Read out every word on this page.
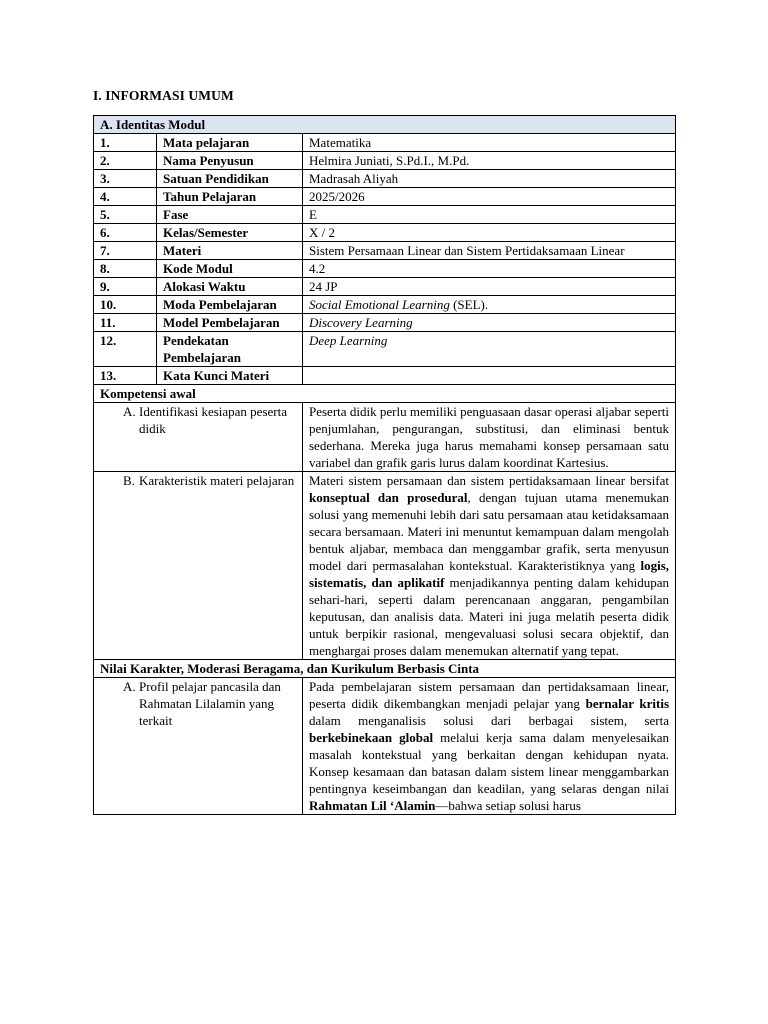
I. INFORMASI UMUM
A. Identitas Modul		
1.	Mata pelajaran	Matematika
2.	Nama Penyusun	Helmira Juniati, S.Pd.I., M.Pd.
3.	Satuan Pendidikan	Madrasah Aliyah
4.	Tahun Pelajaran	2025/2026
5.	Fase	E
6.	Kelas/Semester	X / 2
7.	Materi	Sistem Persamaan Linear dan Sistem Pertidaksamaan Linear
8.	Kode Modul	4.2
9.	Alokasi Waktu	24 JP
10.	Moda Pembelajaran	Social Emotional Learning (SEL).
11.	Model Pembelajaran	Discovery Learning
12.	Pendekatan Pembelajaran	Deep Learning
13.	Kata Kunci Materi	
Kompetensi awal		
A. Identifikasi kesiapan peserta didik		Peserta didik perlu memiliki penguasaan dasar operasi aljabar seperti penjumlahan, pengurangan, substitusi, dan eliminasi bentuk sederhana. Mereka juga harus memahami konsep persamaan satu variabel dan grafik garis lurus dalam koordinat Kartesius.
B. Karakteristik materi pelajaran		Materi sistem persamaan dan sistem pertidaksamaan linear bersifat konseptual dan prosedural, dengan tujuan utama menemukan solusi yang memenuhi lebih dari satu persamaan atau ketidaksamaan secara bersamaan. Materi ini menuntut kemampuan dalam mengolah bentuk aljabar, membaca dan menggambar grafik, serta menyusun model dari permasalahan kontekstual. Karakteristiknya yang logis, sistematis, dan aplikatif menjadikannya penting dalam kehidupan sehari-hari, seperti dalam perencanaan anggaran, pengambilan keputusan, dan analisis data. Materi ini juga melatih peserta didik untuk berpikir rasional, mengevaluasi solusi secara objektif, dan menghargai proses dalam menemukan alternatif yang tepat.
Nilai Karakter, Moderasi Beragama, dan Kurikulum Berbasis Cinta		
A. Profil pelajar pancasila dan Rahmatan Lilalamin yang terkait		Pada pembelajaran sistem persamaan dan pertidaksamaan linear, peserta didik dikembangkan menjadi pelajar yang bernalar kritis dalam menganalisis solusi dari berbagai sistem, serta berkebinekaan global melalui kerja sama dalam menyelesaikan masalah kontekstual yang berkaitan dengan kehidupan nyata. Konsep kesamaan dan batasan dalam sistem linear menggambarkan pentingnya keseimbangan dan keadilan, yang selaras dengan nilai Rahmatan Lil ‘Alamin—bahwa setiap solusi harus
